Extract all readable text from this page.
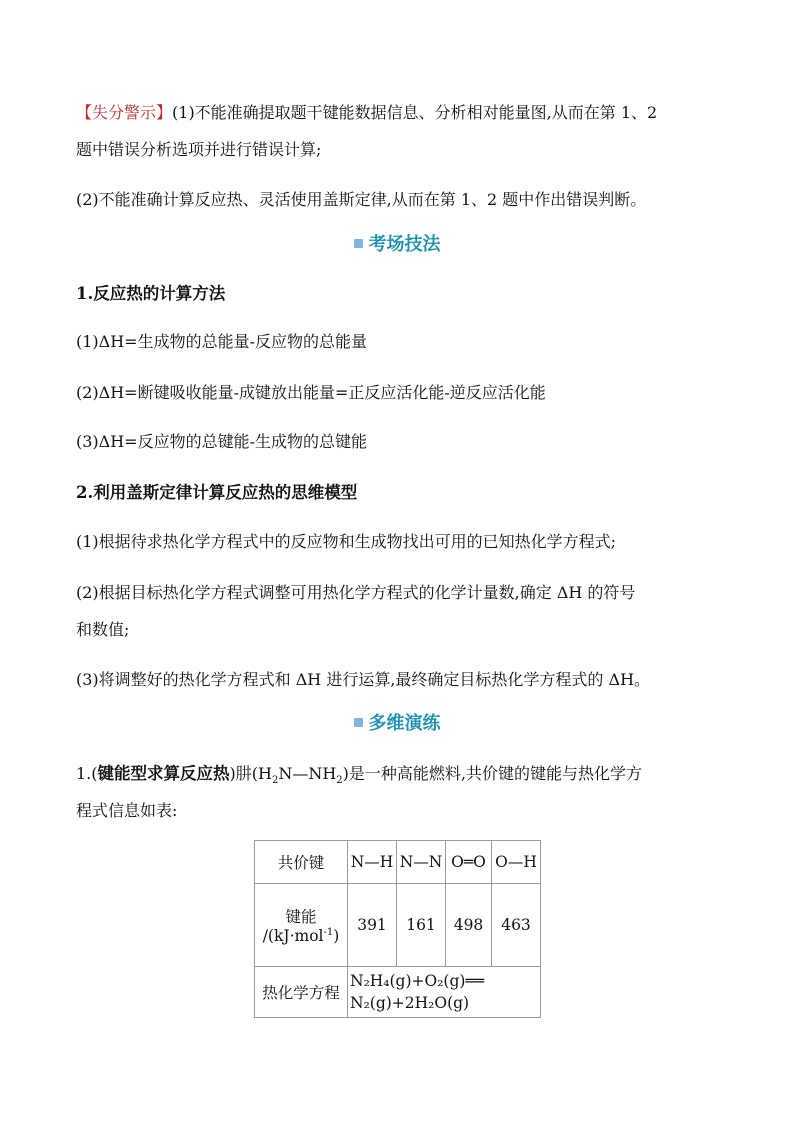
【失分警示】(1)不能准确提取题干键能数据信息、分析相对能量图,从而在第 1、2
题中错误分析选项并进行错误计算;
(2)不能准确计算反应热、灵活使用盖斯定律,从而在第 1、2 题中作出错误判断。
考场技法
1.反应热的计算方法
(1)ΔH=生成物的总能量-反应物的总能量
(2)ΔH=断键吸收能量-成键放出能量=正反应活化能-逆反应活化能
(3)ΔH=反应物的总键能-生成物的总键能
2.利用盖斯定律计算反应热的思维模型
(1)根据待求热化学方程式中的反应物和生成物找出可用的已知热化学方程式;
(2)根据目标热化学方程式调整可用热化学方程式的化学计量数,确定 ΔH 的符号
和数值;
(3)将调整好的热化学方程式和 ΔH 进行运算,最终确定目标热化学方程式的 ΔH。
多维演练
1.(键能型求算反应热)肼$(H_2N—NH_2)$是一种高能燃料,共价键的键能与热化学方
程式信息如表:
共价键	N—H	N—N	O═O	O—H

键能
/(kJ·mol$^{-1}$)	391	161	498	463
热化学方程	N₂H₄(g)+O₂(g)══
N₂(g)+2H₂O(g)			
